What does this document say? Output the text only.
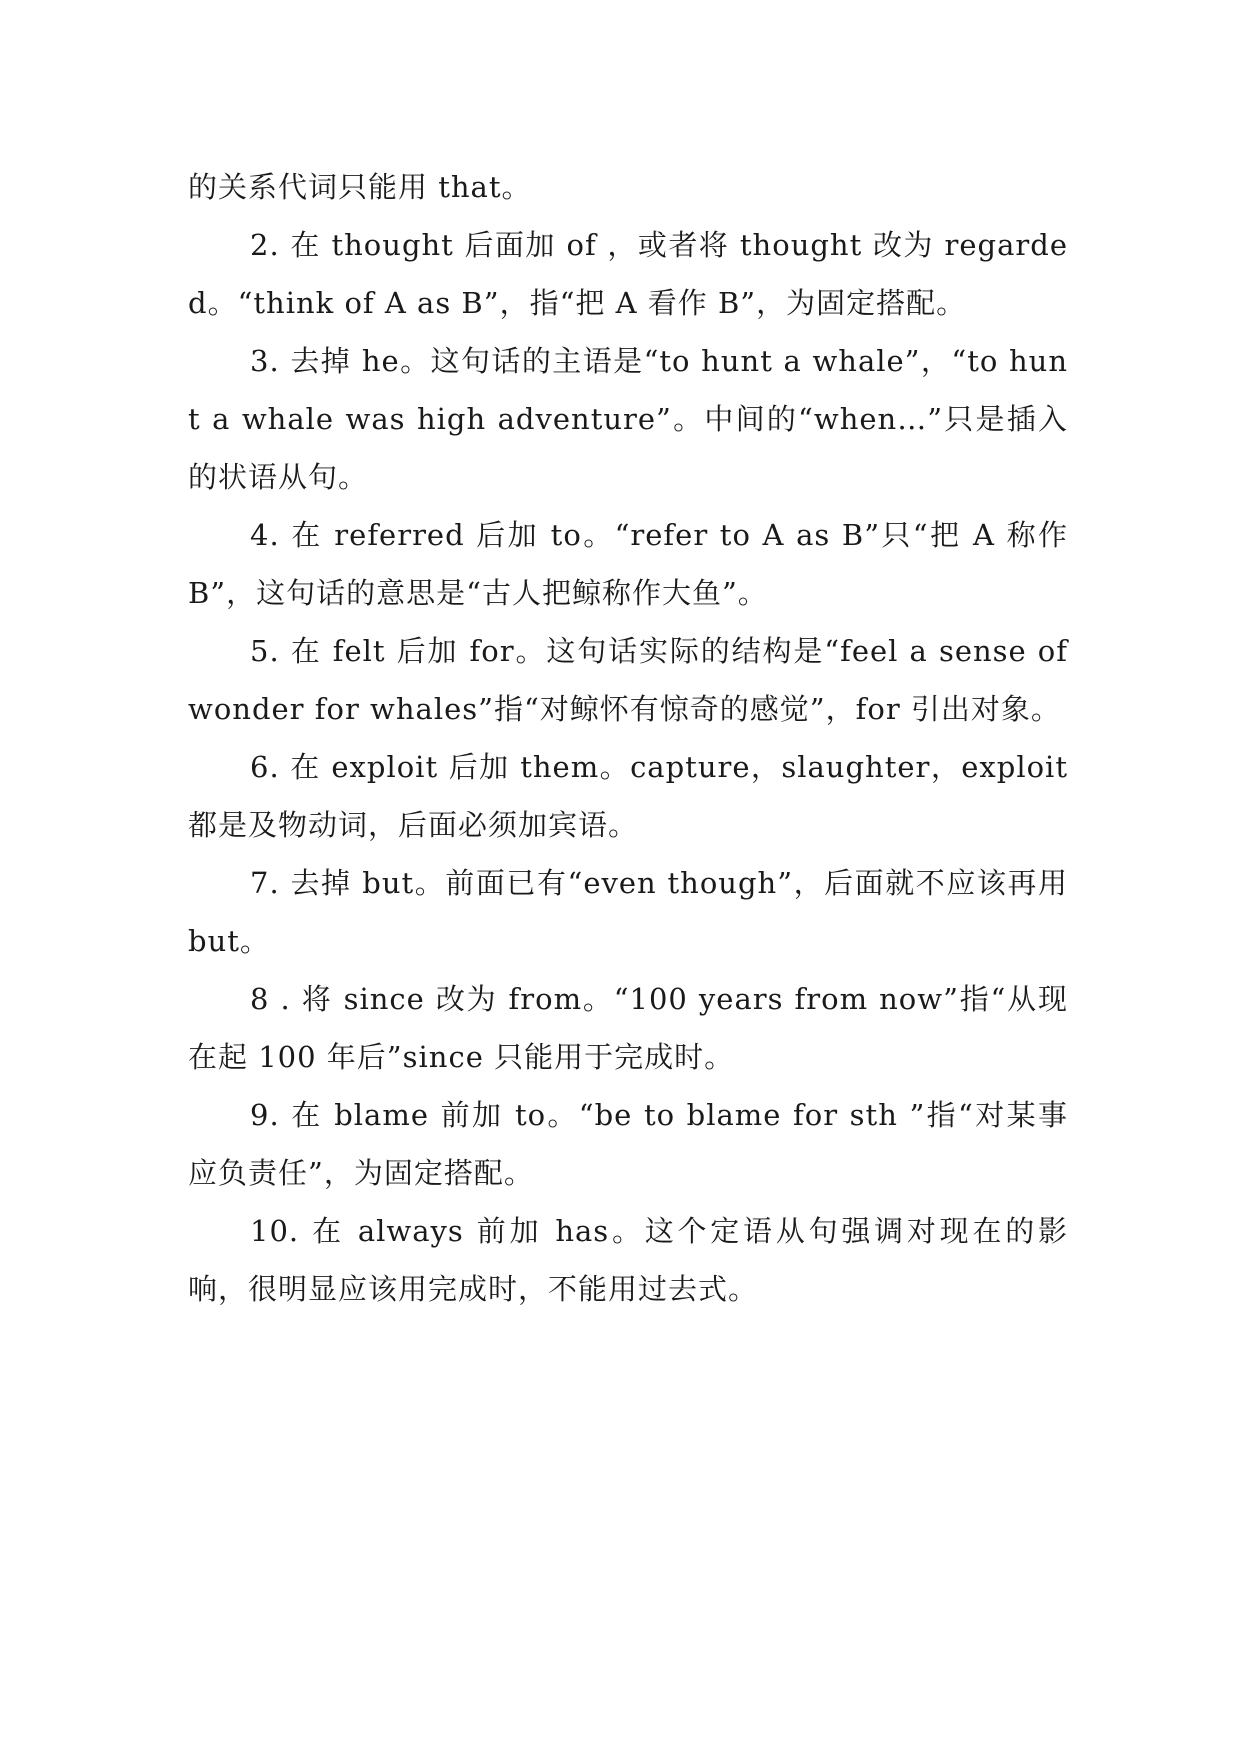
的关系代词只能用 that。

2. 在 thought 后面加 of ，或者将 thought 改为 regarded。“think of A as B”，指“把 A 看作 B”，为固定搭配。

3. 去掉 he。这句话的主语是“to hunt a whale”，“to hunt a whale was high adventure”。中间的“when…”只是插入的状语从句。

4. 在 referred 后加 to。“refer to A as B”只“把 A 称作 B”，这句话的意思是“古人把鲸称作大鱼”。

5. 在 felt 后加 for。这句话实际的结构是“feel a sense of wonder for whales”指“对鲸怀有惊奇的感觉”，for 引出对象。

6. 在 exploit 后加 them。capture，slaughter，exploit 都是及物动词，后面必须加宾语。

7. 去掉 but。前面已有“even though”，后面就不应该再用 but。

8 . 将 since 改为 from。“100 years from now”指“从现在起 100 年后”since 只能用于完成时。

9. 在 blame 前加 to。“be to blame for sth ”指“对某事应负责任”，为固定搭配。

10. 在 always 前加 has。这个定语从句强调对现在的影响，很明显应该用完成时，不能用过去式。
